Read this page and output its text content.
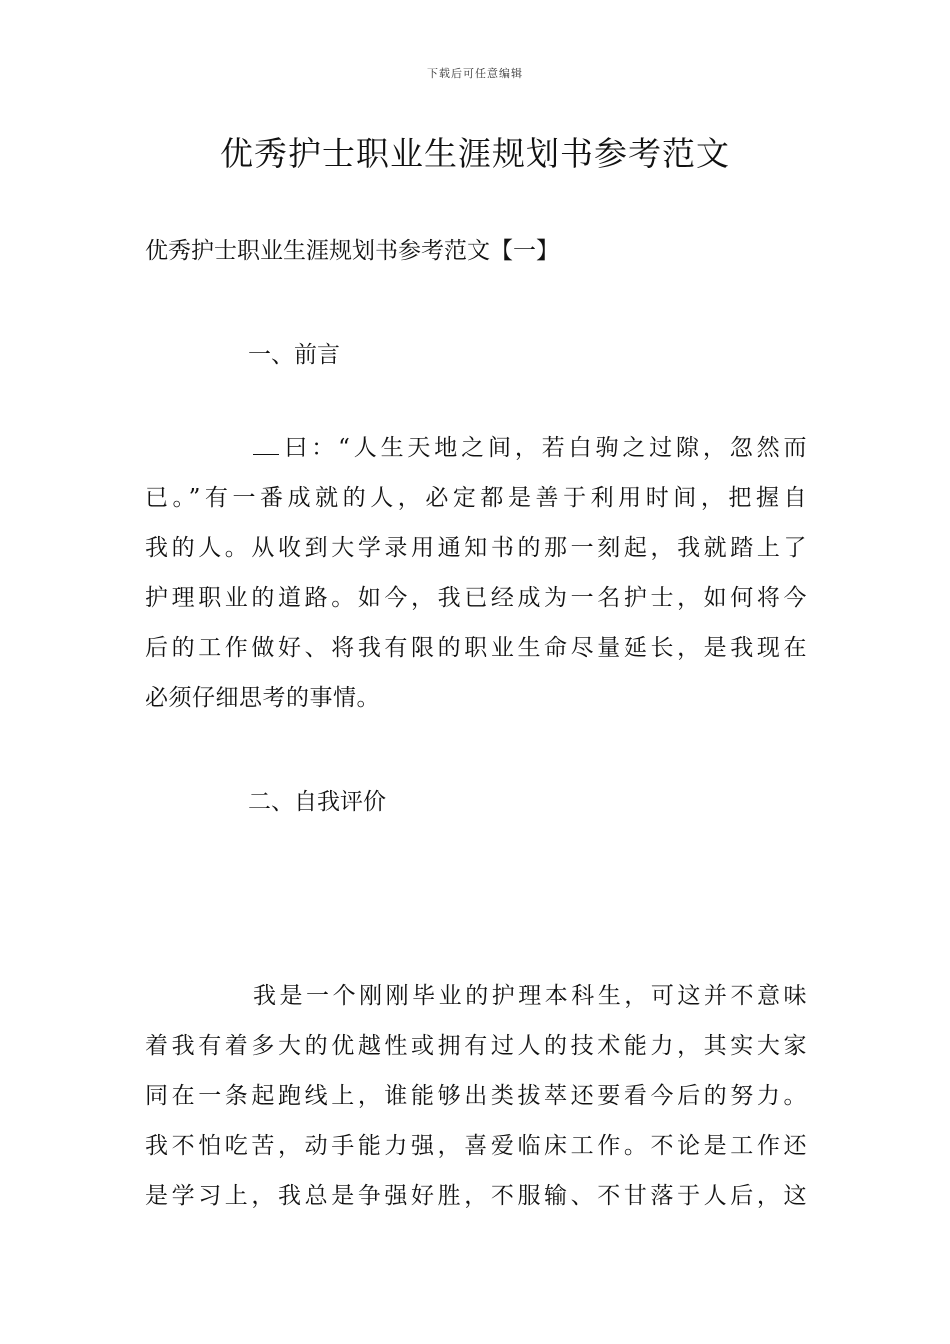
下载后可任意编辑
优秀护士职业生涯规划书参考范文

优秀护士职业生涯规划书参考范文【一】

一、前言

曰：“人生天地之间，若白驹之过隙，忽然而
已。”有一番成就的人，必定都是善于利用时间，把握自
我的人。从收到大学录用通知书的那一刻起，我就踏上了
护理职业的道路。如今，我已经成为一名护士，如何将今
后的工作做好、将我有限的职业生命尽量延长，是我现在
必须仔细思考的事情。

二、自我评价

我是一个刚刚毕业的护理本科生，可这并不意味
着我有着多大的优越性或拥有过人的技术能力，其实大家
同在一条起跑线上，谁能够出类拔萃还要看今后的努力。
我不怕吃苦，动手能力强，喜爱临床工作。不论是工作还
是学习上，我总是争强好胜，不服输、不甘落于人后，这
